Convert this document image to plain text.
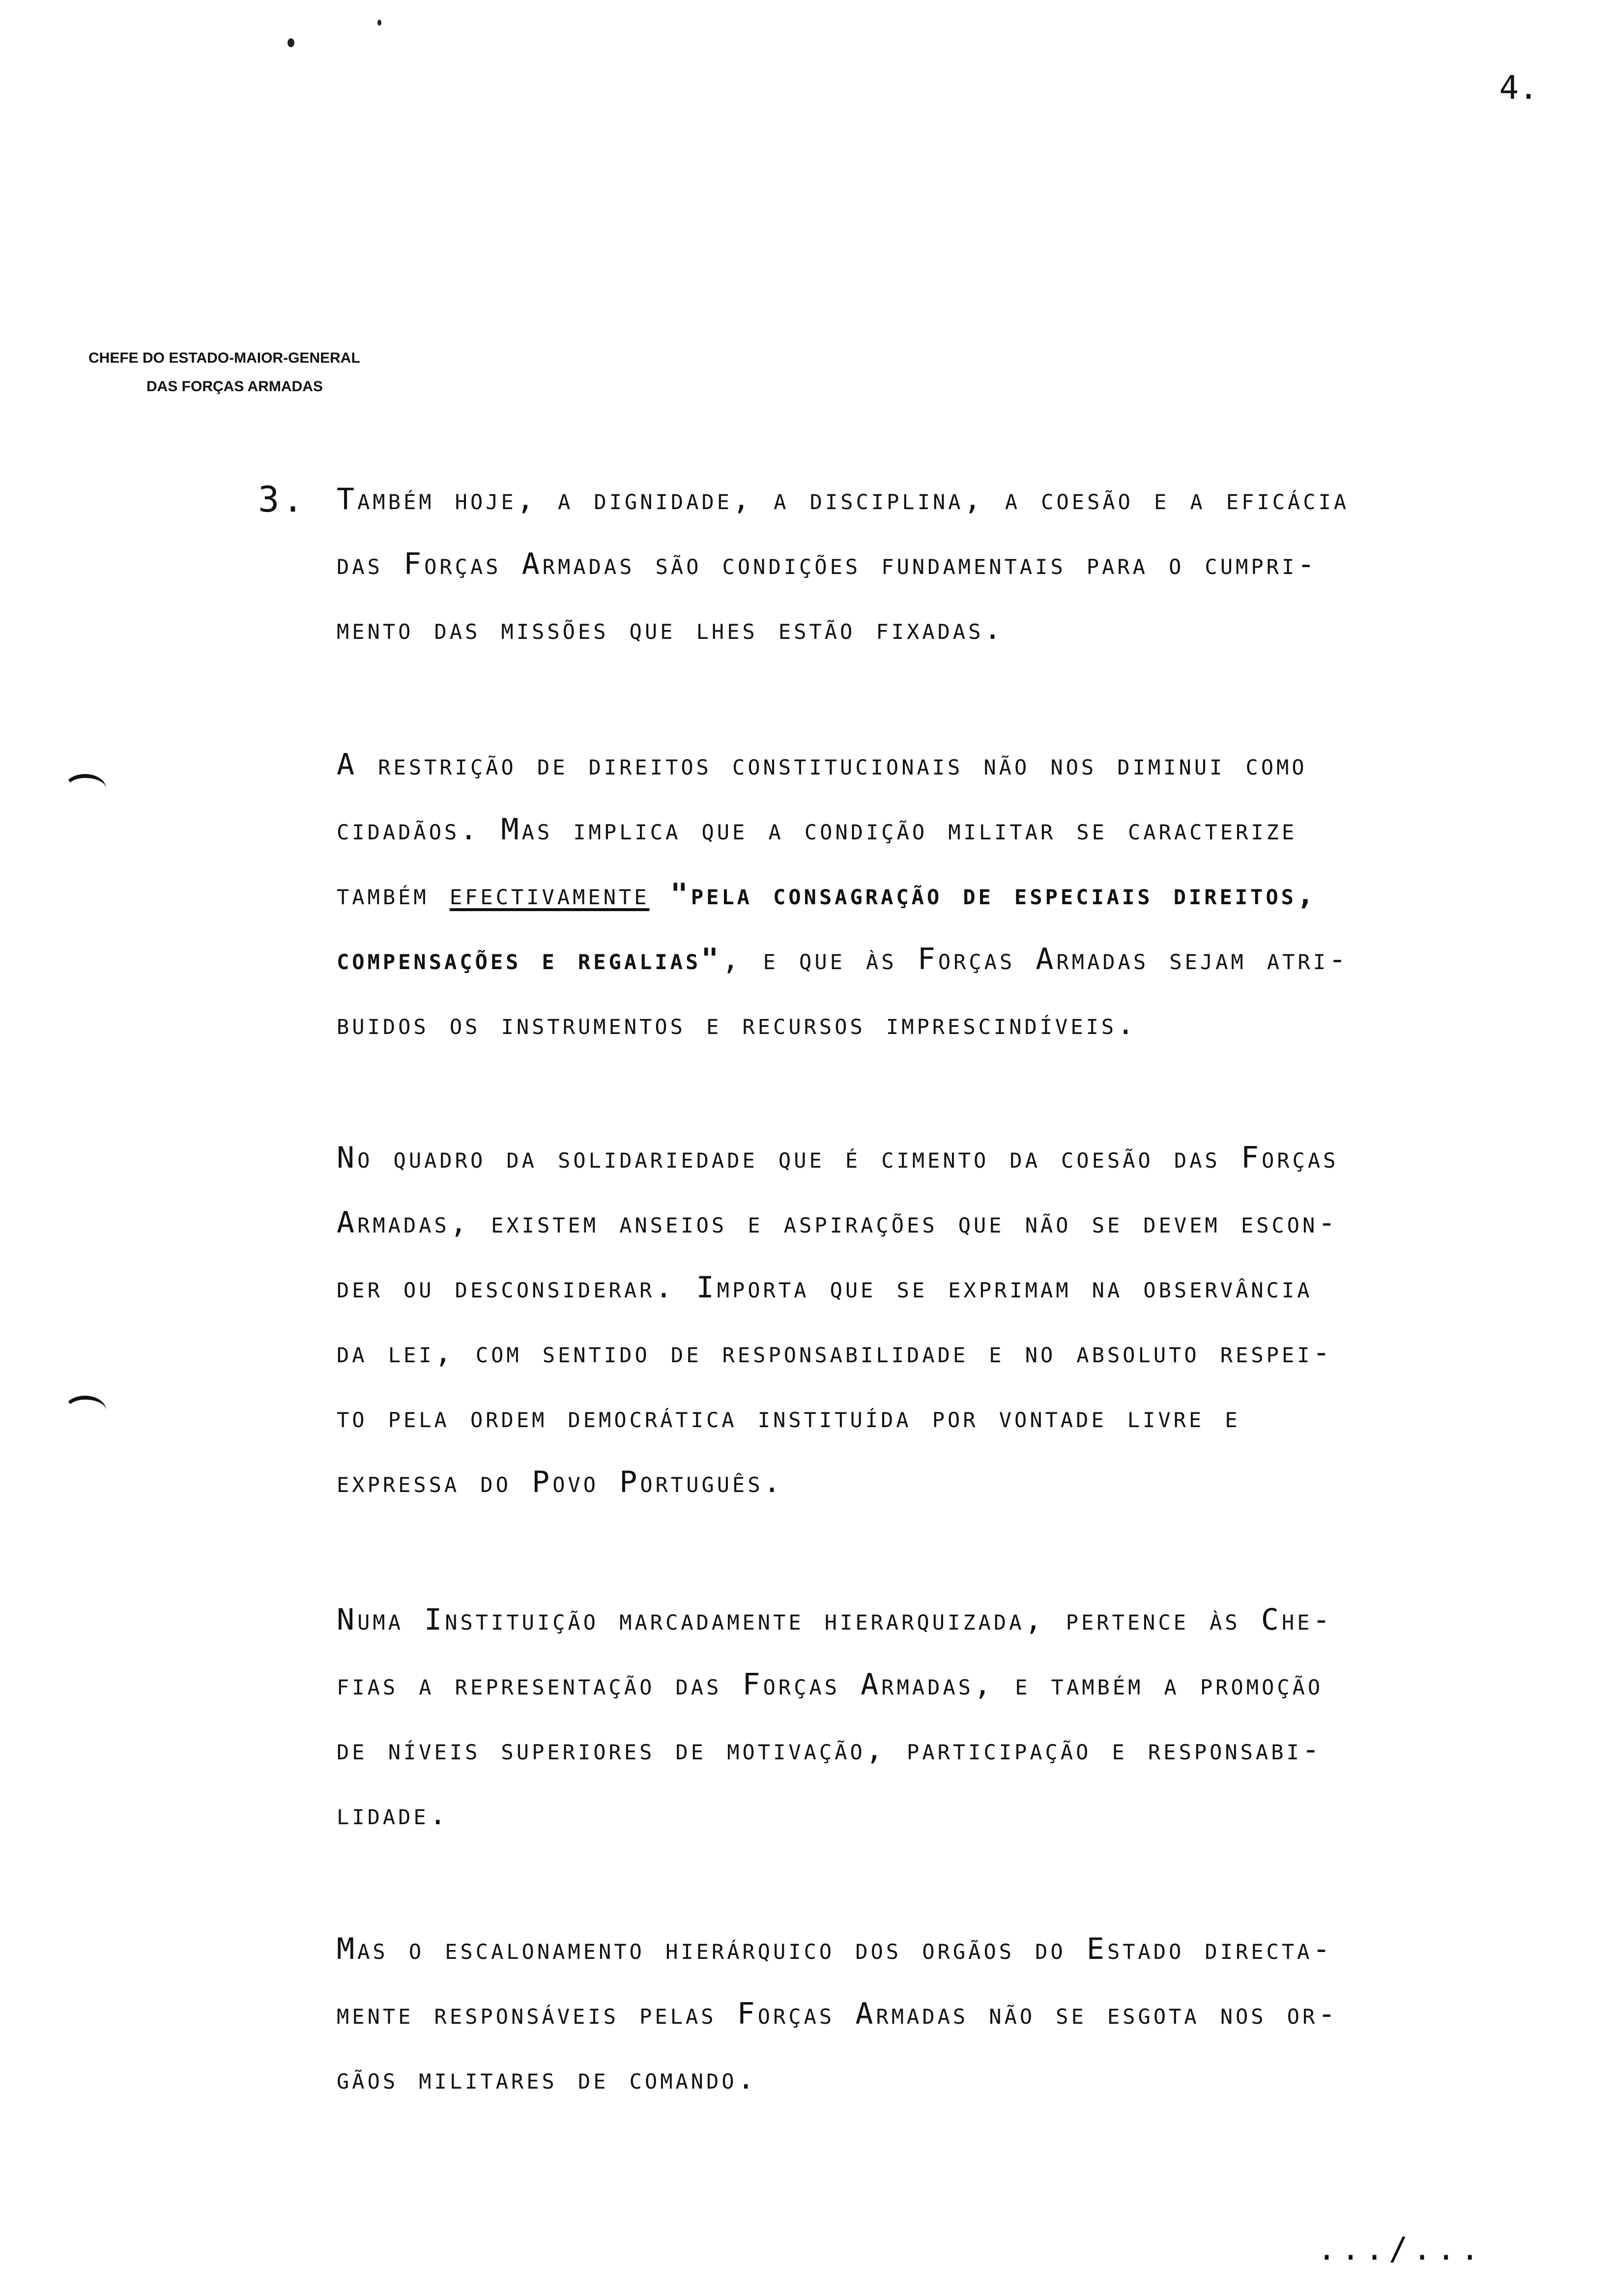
4.
CHEFE DO ESTADO-MAIOR-GENERAL
DAS FORÇAS ARMADAS
3.	Também hoje, a dignidade, a disciplina, a coesão e a eficácia
das Forças Armadas são condições fundamentais para o cumpri-
mento das missões que lhes estão fixadas.
A restrição de direitos constitucionais não nos diminui como
cidadãos. Mas implica que a condição militar se caracterize
também efectivamente "pela consagração de especiais direitos,
compensações e regalias", e que às Forças Armadas sejam atri-
buidos os instrumentos e recursos imprescindíveis.
No quadro da solidariedade que é cimento da coesão das Forças
Armadas, existem anseios e aspirações que não se devem escon-
der ou desconsiderar. Importa que se exprimam na observância
da lei, com sentido de responsabilidade e no absoluto respei-
to pela ordem democrática instituída por vontade livre e
expressa do Povo Português.
Numa Instituição marcadamente hierarquizada, pertence às Che-
fias a representação das Forças Armadas, e também a promoção
de níveis superiores de motivação, participação e responsabi-
lidade.
Mas o escalonamento hierárquico dos orgãos do Estado directa-
mente responsáveis pelas Forças Armadas não se esgota nos or-
gãos militares de comando.
.../...
